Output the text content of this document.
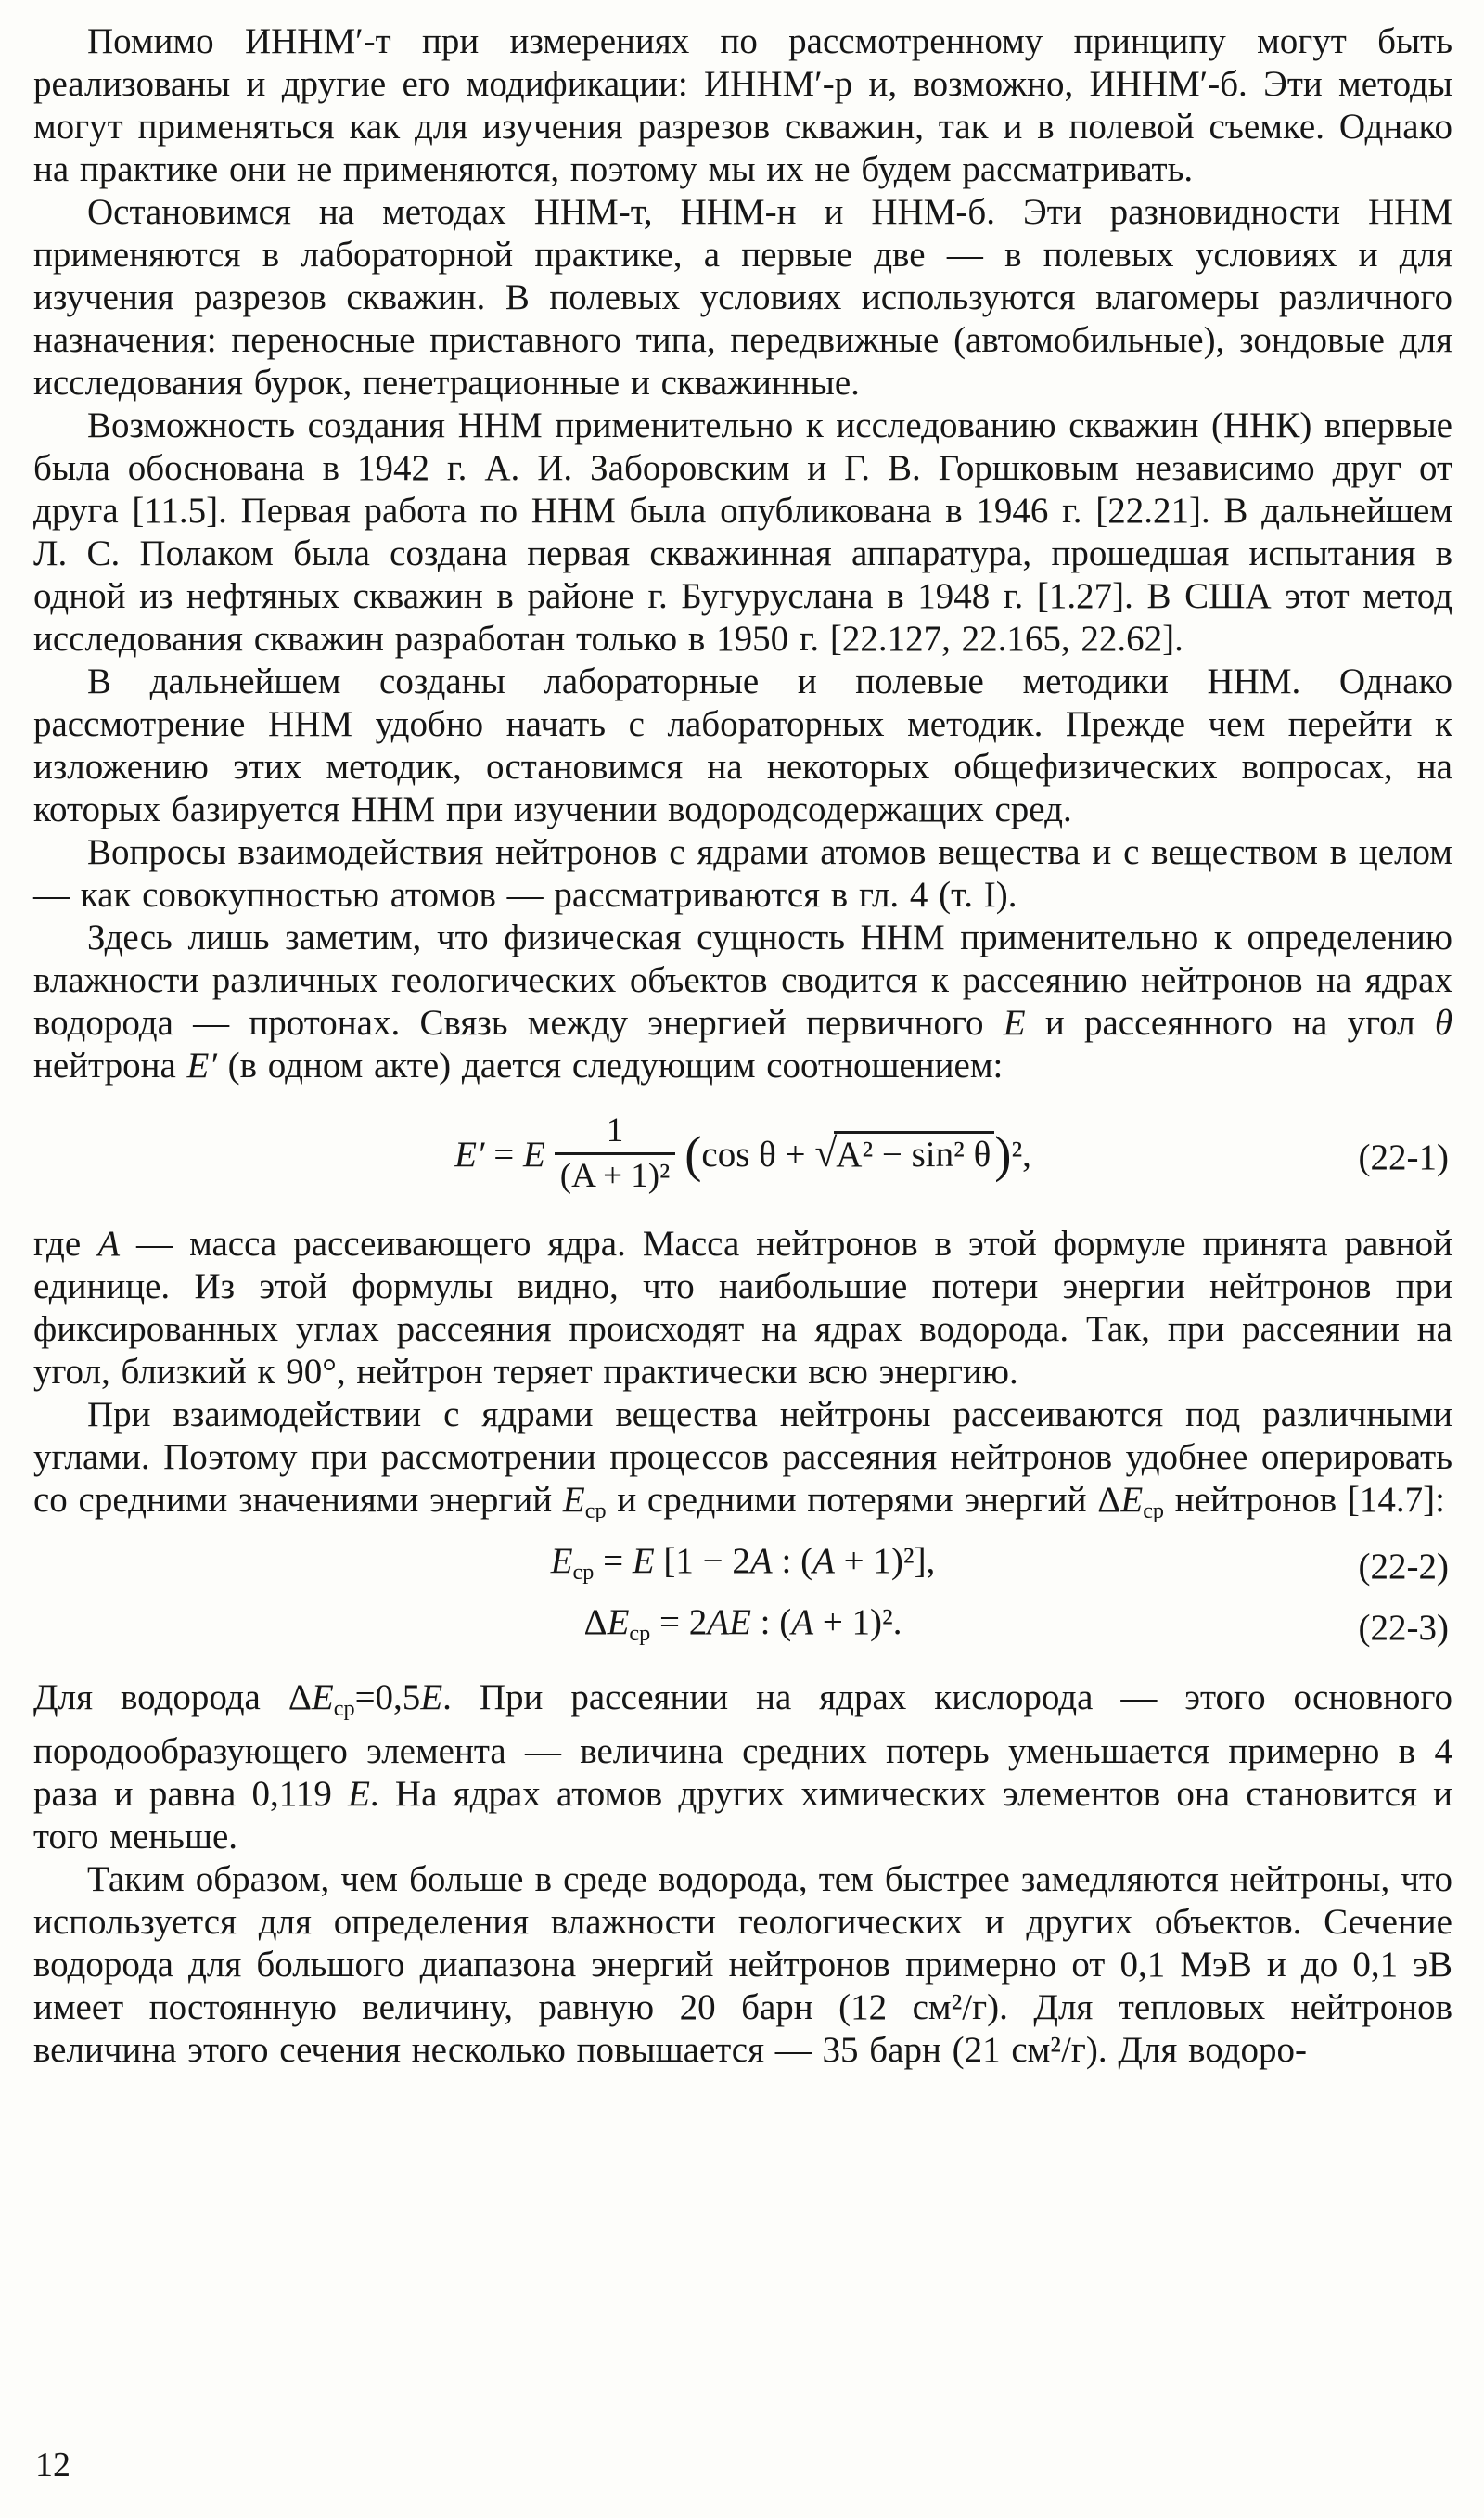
Помимо ИННМ′-т при измерениях по рассмотренному принципу могут быть реализованы и другие его модификации: ИННМ′-р и, возможно, ИННМ′-б. Эти методы могут применяться как для изучения разрезов скважин, так и в полевой съемке. Однако на практике они не применяются, поэтому мы их не будем рассматривать.

Остановимся на методах ННМ-т, ННМ-н и ННМ-б. Эти разновидности ННМ применяются в лабораторной практике, а первые две — в полевых условиях и для изучения разрезов скважин. В полевых условиях используются влагомеры различного назначения: переносные приставного типа, передвижные (автомобильные), зондовые для исследования бурок, пенетрационные и скважинные.

Возможность создания ННМ применительно к исследованию скважин (ННК) впервые была обоснована в 1942 г. А. И. Заборовским и Г. В. Горшковым независимо друг от друга [11.5]. Первая работа по ННМ была опубликована в 1946 г. [22.21]. В дальнейшем Л. С. Полаком была создана первая скважинная аппаратура, прошедшая испытания в одной из нефтяных скважин в районе г. Бугуруслана в 1948 г. [1.27]. В США этот метод исследования скважин разработан только в 1950 г. [22.127, 22.165, 22.62].

В дальнейшем созданы лабораторные и полевые методики ННМ. Однако рассмотрение ННМ удобно начать с лабораторных методик. Прежде чем перейти к изложению этих методик, остановимся на некоторых общефизических вопросах, на которых базируется ННМ при изучении водородсодержащих сред.

Вопросы взаимодействия нейтронов с ядрами атомов вещества и с веществом в целом — как совокупностью атомов — рассматриваются в гл. 4 (т. I).

Здесь лишь заметим, что физическая сущность ННМ применительно к определению влажности различных геологических объектов сводится к рассеянию нейтронов на ядрах водорода — протонах. Связь между энергией первичного E и рассеянного на угол θ нейтрона E′ (в одном акте) дается следующим соотношением:

E′ = E $\frac{1}{\text{(A + 1)²}} (\cos$ θ + √A² − sin² θ)²,	(22-1)

где A — масса рассеивающего ядра. Масса нейтронов в этой формуле принята равной единице. Из этой формулы видно, что наибольшие потери энергии нейтронов при фиксированных углах рассеяния происходят на ядрах водорода. Так, при рассеянии на угол, близкий к 90°, нейтрон теряет практически всю энергию.

При взаимодействии с ядрами вещества нейтроны рассеиваются под различными углами. Поэтому при рассмотрении процессов рассеяния нейтронов удобнее оперировать со средними значениями энергий $E_{ср}$ и средними потерями энергий $\Delta E_{ср}$ нейтронов [14.7]:

$E_{ср} = E$ [1 − 2A : (A + 1)²],	(22-2)
$\Delta E_{ср} = 2AE$ : (A + 1)².	(22-3)

Для водорода $\Delta E_{ср}=0,5E$. При рассеянии на ядрах кислорода — этого основного породообразующего элемента — величина средних потерь уменьшается примерно в 4 раза и равна 0,119 E. На ядрах атомов других химических элементов она становится и того меньше.

Таким образом, чем больше в среде водорода, тем быстрее замедляются нейтроны, что используется для определения влажности геологических и других объектов. Сечение водорода для большого диапазона энергий нейтронов примерно от 0,1 МэВ и до 0,1 эВ имеет постоянную величину, равную 20 барн (12 см²/г). Для тепловых нейтронов величина этого сечения несколько повышается — 35 барн (21 см²/г). Для водоро-

12
